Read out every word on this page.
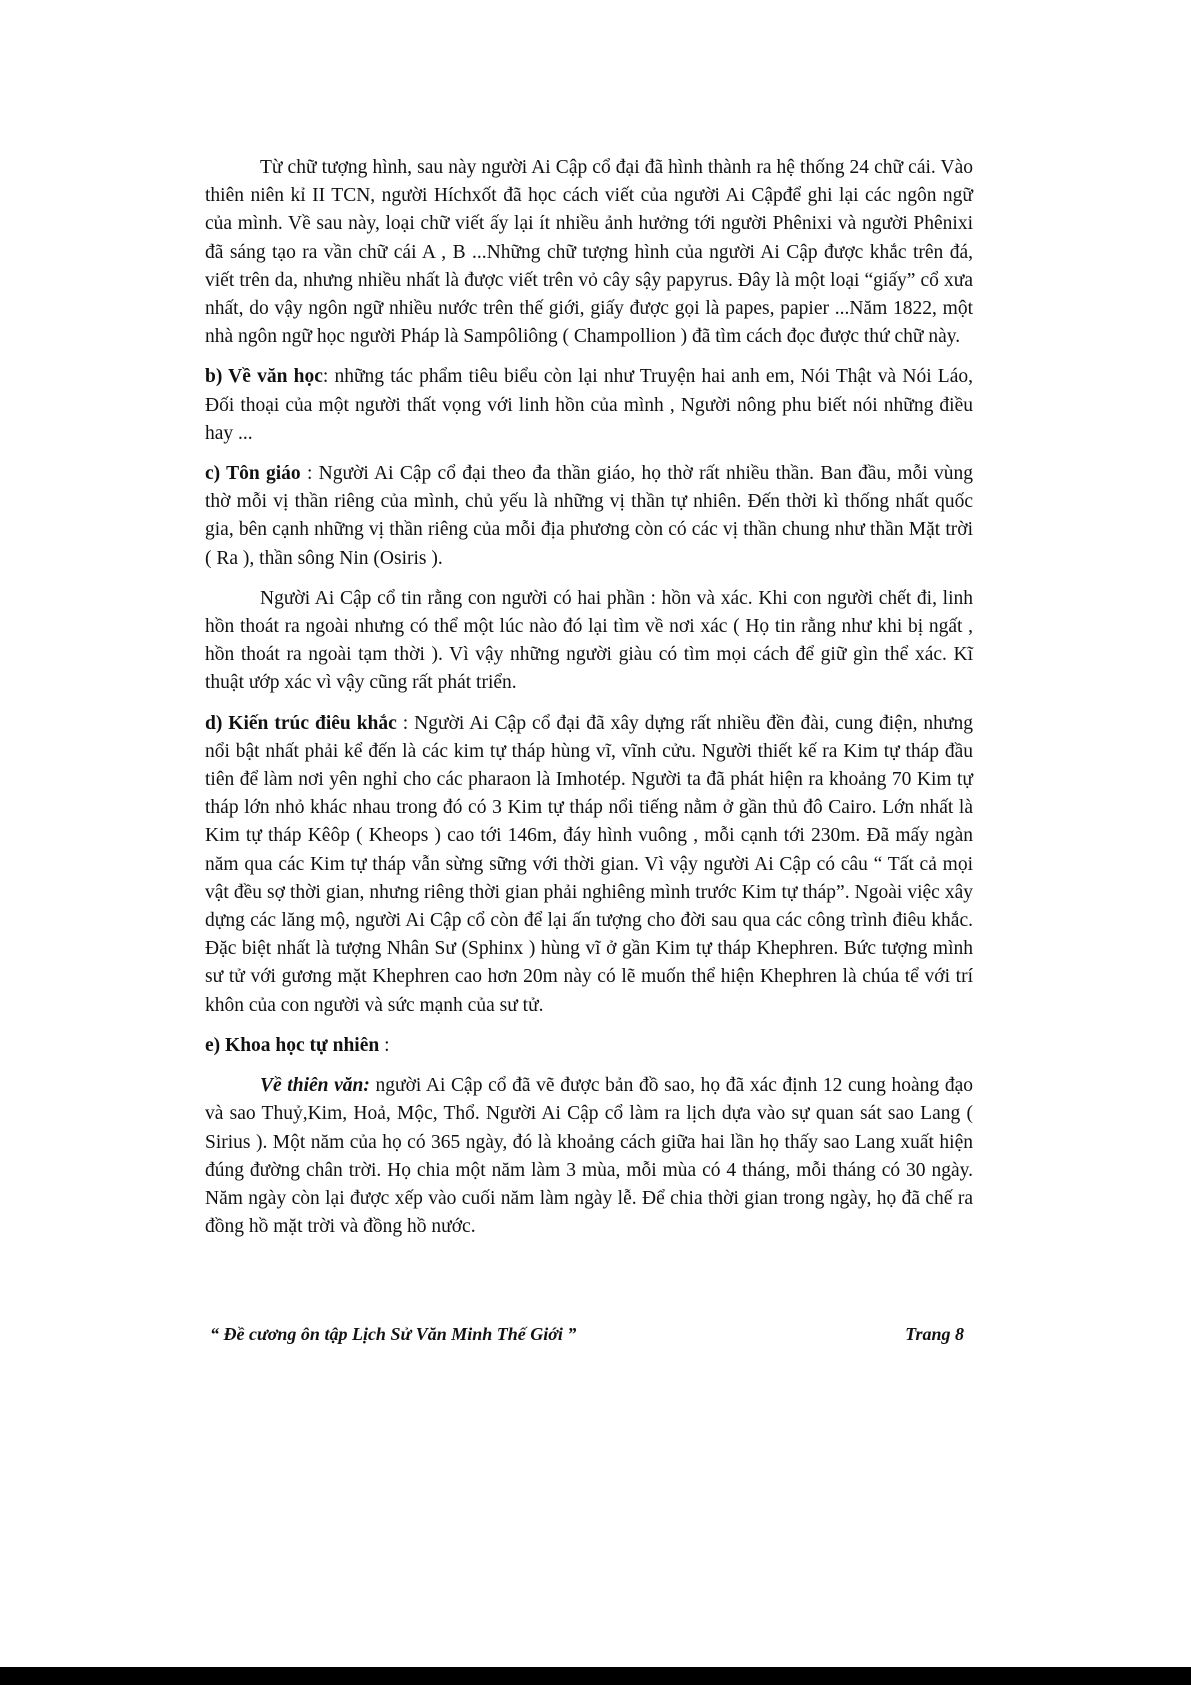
Từ chữ tượng hình, sau này người Ai Cập cổ đại đã hình thành ra hệ thống 24 chữ cái. Vào thiên niên kỉ II TCN, người Híchxốt đã học cách viết của người Ai Cậpđể ghi lại các ngôn ngữ của mình. Về sau này, loại chữ viết ấy lại ít nhiều ảnh hưởng tới người Phênixi và người Phênixi đã sáng tạo ra vần chữ cái A , B ...Những chữ tượng hình của người Ai Cập được khắc trên đá, viết trên da, nhưng nhiều nhất là được viết trên vỏ cây sậy papyrus. Đây là một loại “giấy” cổ xưa nhất, do vậy ngôn ngữ nhiều nước trên thế giới, giấy được gọi là papes, papier ...Năm 1822, một nhà ngôn ngữ học người Pháp là Sampôliông ( Champollion ) đã tìm cách đọc được thứ chữ này.

b) Về văn học: những tác phẩm tiêu biểu còn lại như Truyện hai anh em, Nói Thật và Nói Láo, Đối thoại của một người thất vọng với linh hồn của mình , Người nông phu biết nói những điều hay ...

c) Tôn giáo : Người Ai Cập cổ đại theo đa thần giáo, họ thờ rất nhiều thần. Ban đầu, mỗi vùng thờ mỗi vị thần riêng của mình, chủ yếu là những vị thần tự nhiên. Đến thời kì thống nhất quốc gia, bên cạnh những vị thần riêng của mỗi địa phương còn có các vị thần chung như thần Mặt trời ( Ra ), thần sông Nin (Osiris ).

Người Ai Cập cổ tin rằng con người có hai phần : hồn và xác. Khi con người chết đi, linh hồn thoát ra ngoài nhưng có thể một lúc nào đó lại tìm về nơi xác ( Họ tin rằng như khi bị ngất , hồn thoát ra ngoài tạm thời ). Vì vậy những người giàu có tìm mọi cách để giữ gìn thể xác. Kĩ thuật ướp xác vì vậy cũng rất phát triển.

d) Kiến trúc điêu khắc : Người Ai Cập cổ đại đã xây dựng rất nhiều đền đài, cung điện, nhưng nổi bật nhất phải kể đến là các kim tự tháp hùng vĩ, vĩnh cửu. Người thiết kế ra Kim tự tháp đầu tiên để làm nơi yên nghỉ cho các pharaon là Imhotép. Người ta đã phát hiện ra khoảng 70 Kim tự tháp lớn nhỏ khác nhau trong đó có 3 Kim tự tháp nổi tiếng nằm ở gần thủ đô Cairo. Lớn nhất là Kim tự tháp Kêôp ( Kheops ) cao tới 146m, đáy hình vuông , mỗi cạnh tới 230m. Đã mấy ngàn năm qua các Kim tự tháp vẫn sừng sững với thời gian. Vì vậy người Ai Cập có câu “ Tất cả mọi vật đều sợ thời gian, nhưng riêng thời gian phải nghiêng mình trước Kim tự tháp”. Ngoài việc xây dựng các lăng mộ, người Ai Cập cổ còn để lại ấn tượng cho đời sau qua các công trình điêu khắc. Đặc biệt nhất là tượng Nhân Sư (Sphinx ) hùng vĩ ở gần Kim tự tháp Khephren. Bức tượng mình sư tử với gương mặt Khephren cao hơn 20m này có lẽ muốn thể hiện Khephren là chúa tể với trí khôn của con người và sức mạnh của sư tử.

e) Khoa học tự nhiên :

Về thiên văn: người Ai Cập cổ đã vẽ được bản đồ sao, họ đã xác định 12 cung hoàng đạo và sao Thuỷ,Kim, Hoả, Mộc, Thổ. Người Ai Cập cổ làm ra lịch dựa vào sự quan sát sao Lang ( Sirius ). Một năm của họ có 365 ngày, đó là khoảng cách giữa hai lần họ thấy sao Lang xuất hiện đúng đường chân trời. Họ chia một năm làm 3 mùa, mỗi mùa có 4 tháng, mỗi tháng có 30 ngày. Năm ngày còn lại được xếp vào cuối năm làm ngày lễ. Để chia thời gian trong ngày, họ đã chế ra đồng hồ mặt trời và đồng hồ nước.

“ Đề cương ôn tập Lịch Sử Văn Minh Thế Giới ”	Trang 8
